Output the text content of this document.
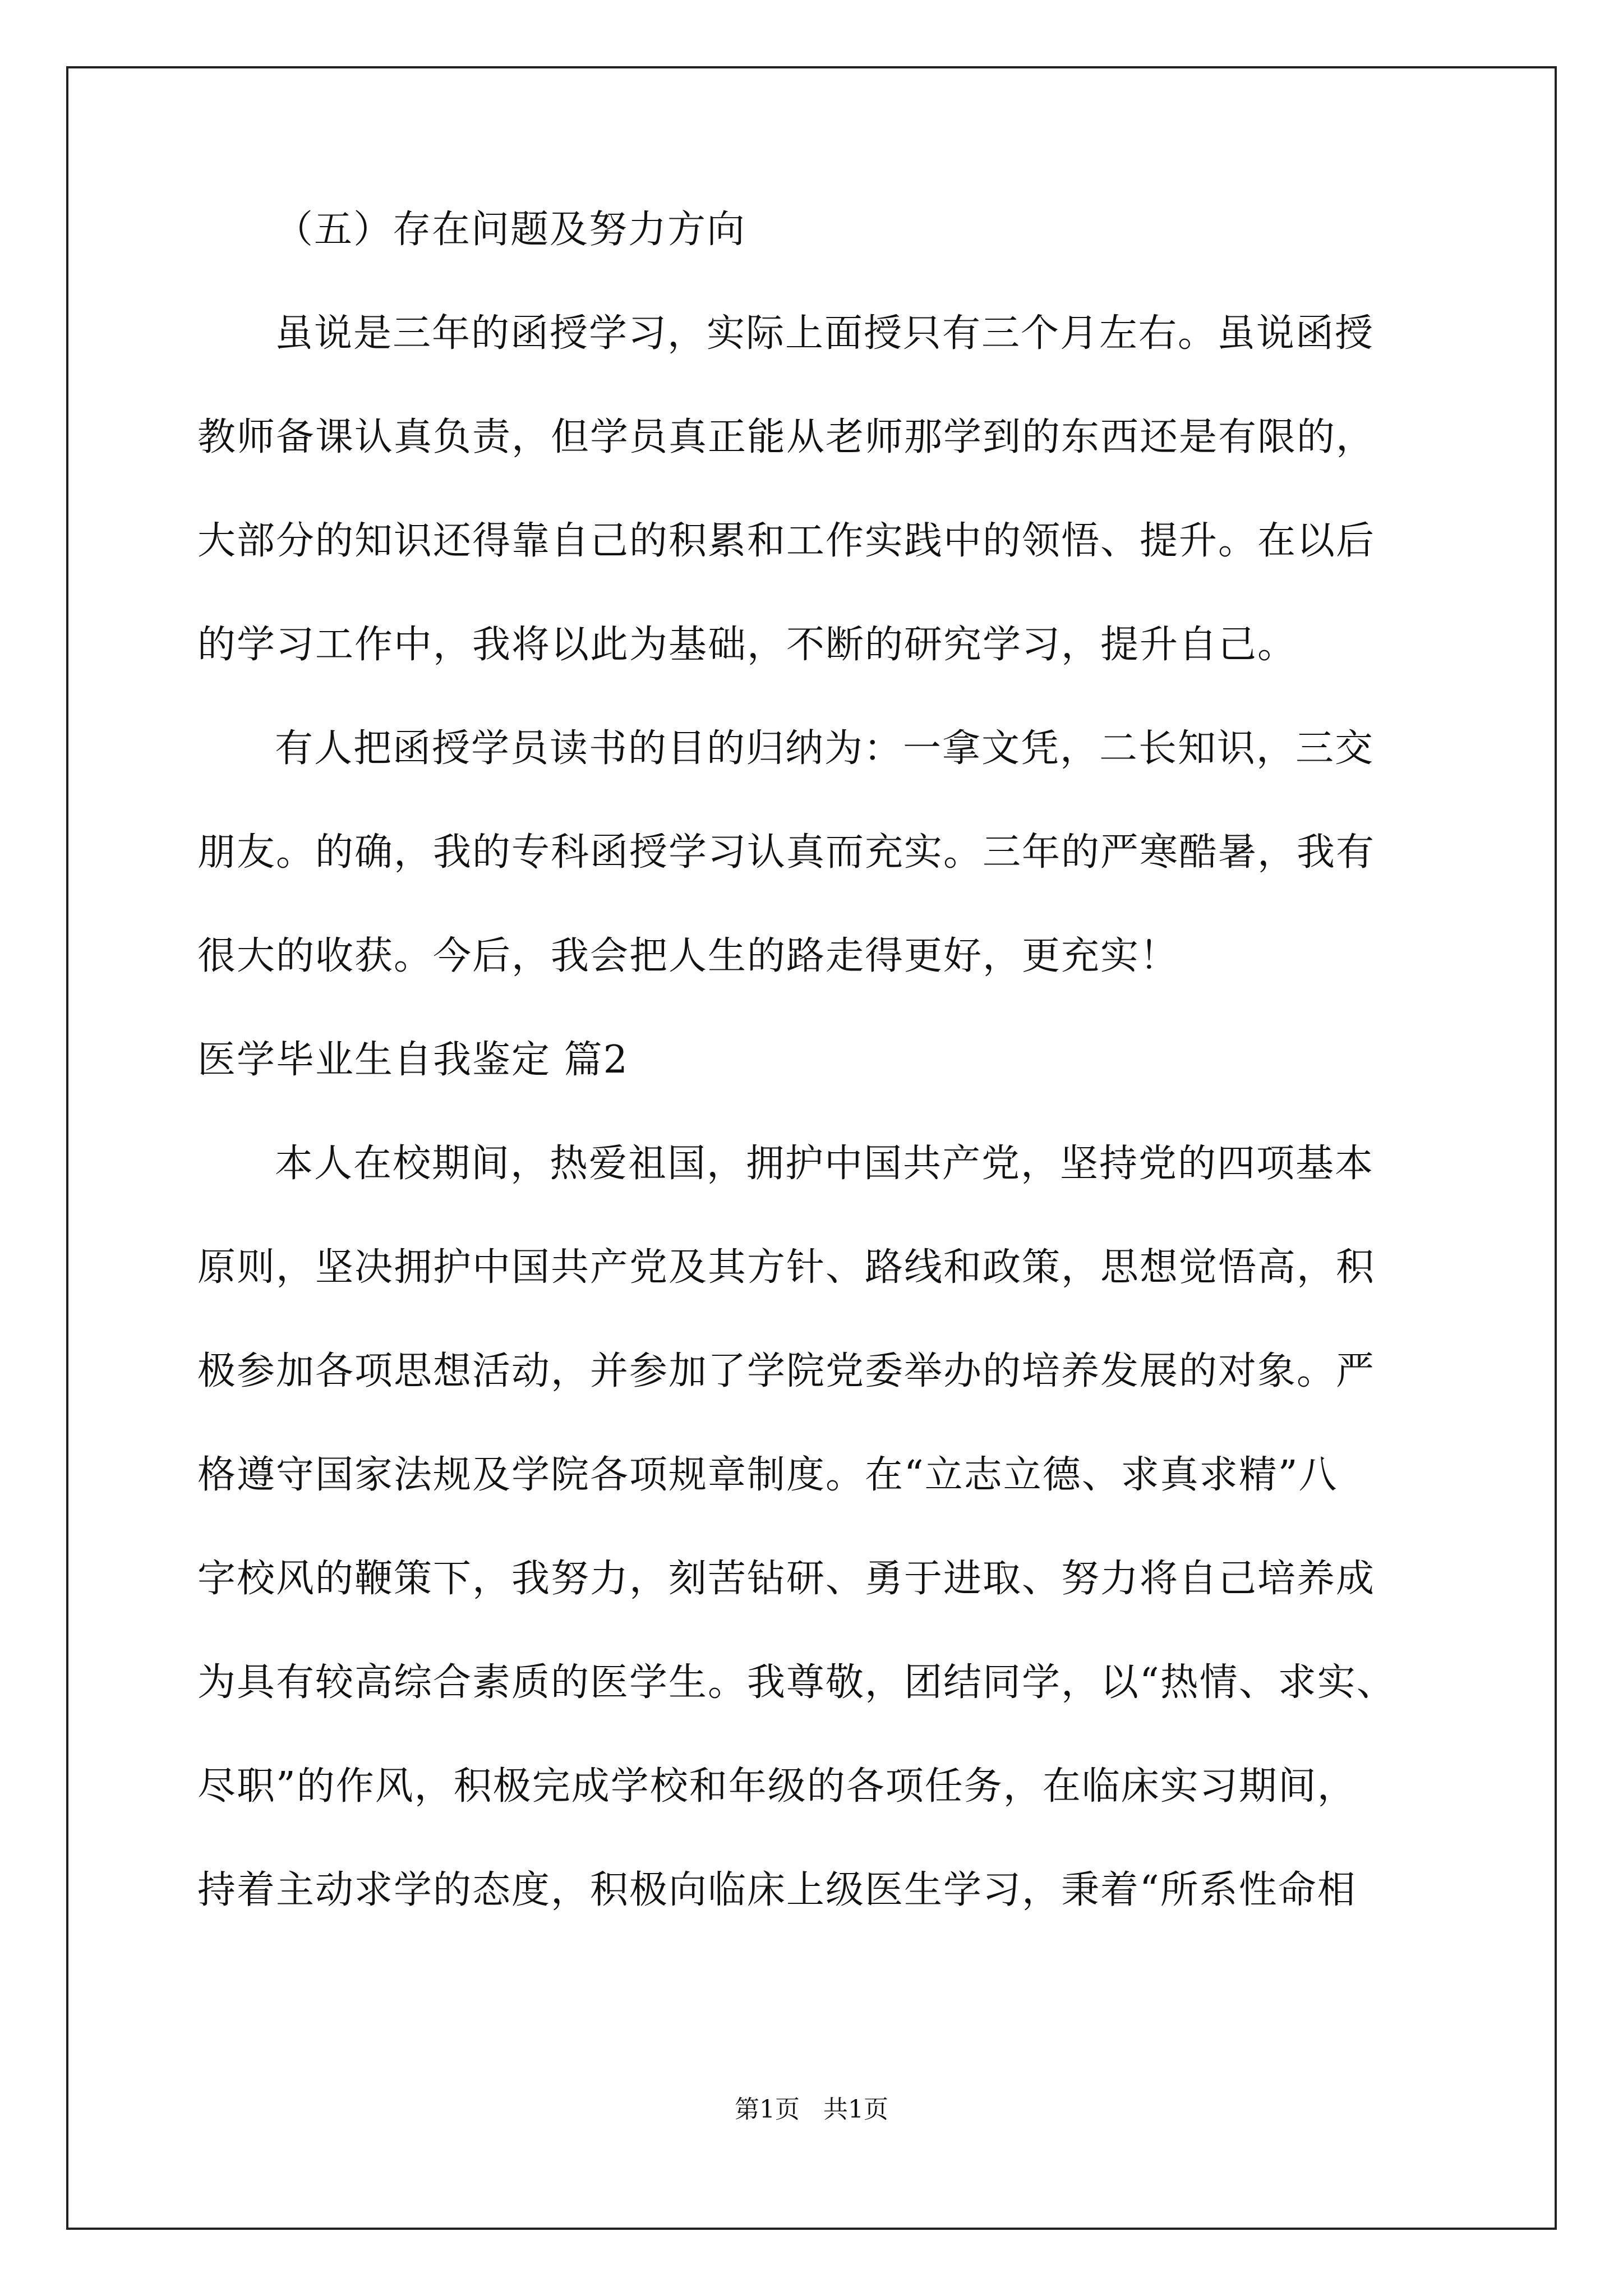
（五）存在问题及努力方向
虽说是三年的函授学习，实际上面授只有三个月左右。虽说函授
教师备课认真负责，但学员真正能从老师那学到的东西还是有限的，
大部分的知识还得靠自己的积累和工作实践中的领悟、提升。在以后
的学习工作中，我将以此为基础，不断的研究学习，提升自己。
有人把函授学员读书的目的归纳为：一拿文凭，二长知识，三交
朋友。的确，我的专科函授学习认真而充实。三年的严寒酷暑，我有
很大的收获。今后，我会把人生的路走得更好，更充实！
医学毕业生自我鉴定 篇2
本人在校期间，热爱祖国，拥护中国共产党，坚持党的四项基本
原则，坚决拥护中国共产党及其方针、路线和政策，思想觉悟高，积
极参加各项思想活动，并参加了学院党委举办的培养发展的对象。严
格遵守国家法规及学院各项规章制度。在“立志立德、求真求精”八
字校风的鞭策下，我努力，刻苦钻研、勇于进取、努力将自己培养成
为具有较高综合素质的医学生。我尊敬，团结同学，以“热情、求实、
尽职”的作风，积极完成学校和年级的各项任务，在临床实习期间，
持着主动求学的态度，积极向临床上级医生学习，秉着“所系性命相
第1页   共1页
